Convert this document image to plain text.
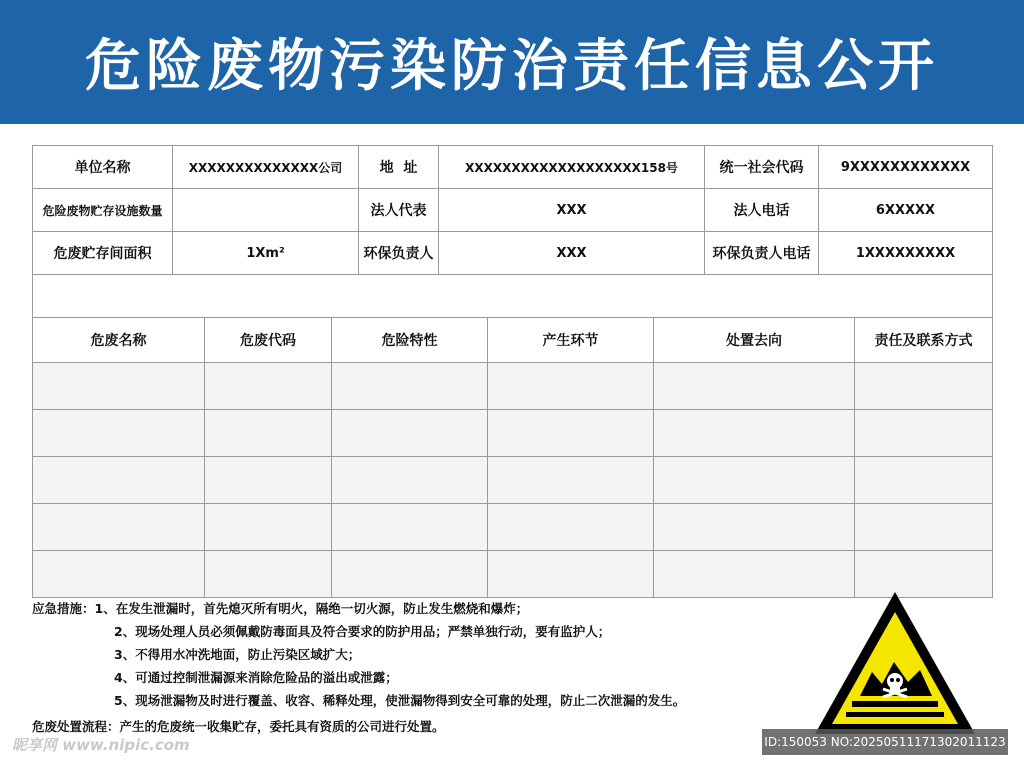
危险废物污染防治责任信息公开
单位名称	XXXXXXXXXXXXXX公司	地  址	XXXXXXXXXXXXXXXXXXX158号	统一社会代码	9XXXXXXXXXXXX
危险废物贮存设施数量		法人代表	XXX	法人电话	6XXXXX
危废贮存间面积	1Xm²	环保负责人	XXX	环保负责人电话	1XXXXXXXXX

危废名称	危废代码	危险特性	产生环节	处置去向	责任及联系方式

应急措施：1、在发生泄漏时，首先熄灭所有明火，隔绝一切火源，防止发生燃烧和爆炸；
2、现场处理人员必须佩戴防毒面具及符合要求的防护用品；严禁单独行动，要有监护人；
3、不得用水冲洗地面，防止污染区域扩大；
4、可通过控制泄漏源来消除危险品的溢出或泄露；
5、现场泄漏物及时进行覆盖、收容、稀释处理，使泄漏物得到安全可靠的处理，防止二次泄漏的发生。
危废处置流程：产生的危废统一收集贮存，委托具有资质的公司进行处置。
昵享网 www.nipic.com	ID:150053 NO:20250511171302011123
